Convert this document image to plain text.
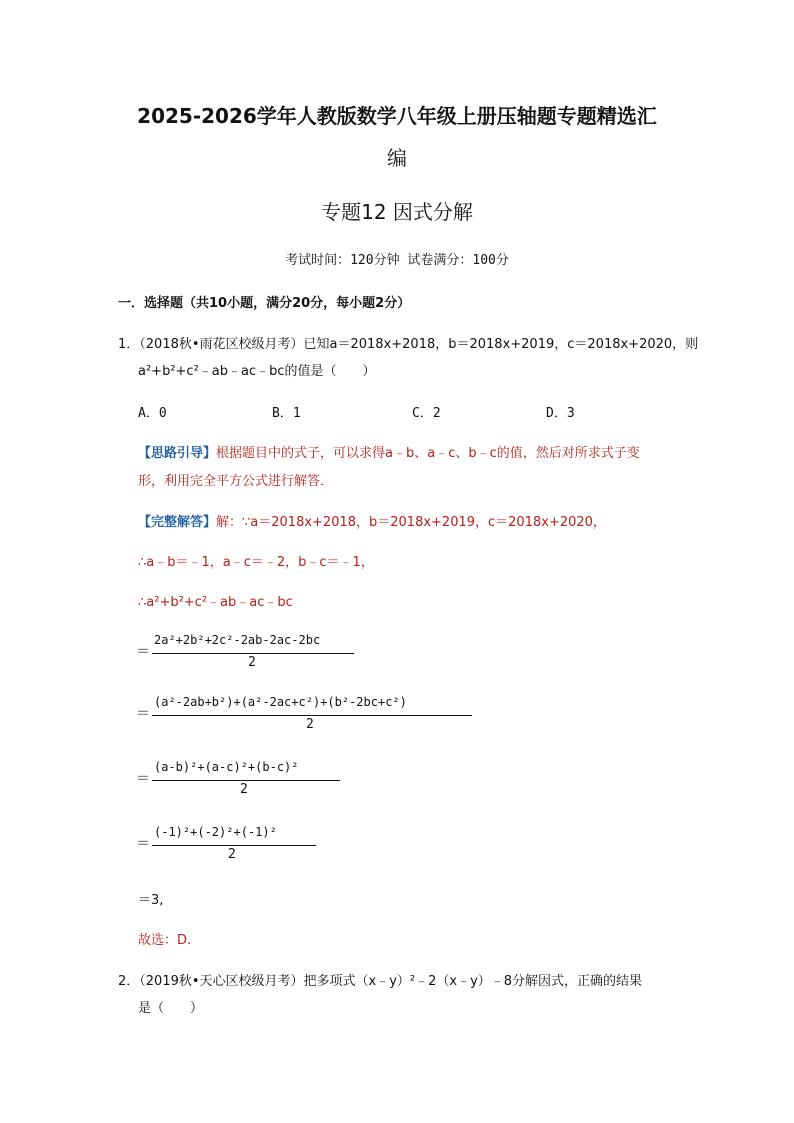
2025-2026学年人教版数学八年级上册压轴题专题精选汇
编
专题12 因式分解
考试时间：120分钟 试卷满分：100分
一．选择题（共10小题，满分20分，每小题2分）
1．（2018秋•雨花区校级月考）已知a＝2018x+2018，b＝2018x+2019，c＝2018x+2020，则
a²+b²+c²﹣ab﹣ac﹣bc的值是（　　）
A．0	B．1	C．2	D．3
【思路引导】根据题目中的式子，可以求得a﹣b、a﹣c、b﹣c的值，然后对所求式子变
形，利用完全平方公式进行解答．
【完整解答】解：∵a＝2018x+2018，b＝2018x+2019，c＝2018x+2020，
∴a﹣b＝﹣1，a﹣c＝﹣2，b﹣c＝﹣1，
∴a²+b²+c²﹣ab﹣ac﹣bc
＝
2a²+2b²+2c²-2ab-2ac-2bc
2
＝
(a²-2ab+b²)+(a²-2ac+c²)+(b²-2bc+c²)
2
＝
(a-b)²+(a-c)²+(b-c)²
2
＝
(-1)²+(-2)²+(-1)²
2
＝3,
故选：D.
2．（2019秋•天心区校级月考）把多项式（x﹣y）²﹣2（x﹣y）﹣8分解因式，正确的结果
是（　　）
